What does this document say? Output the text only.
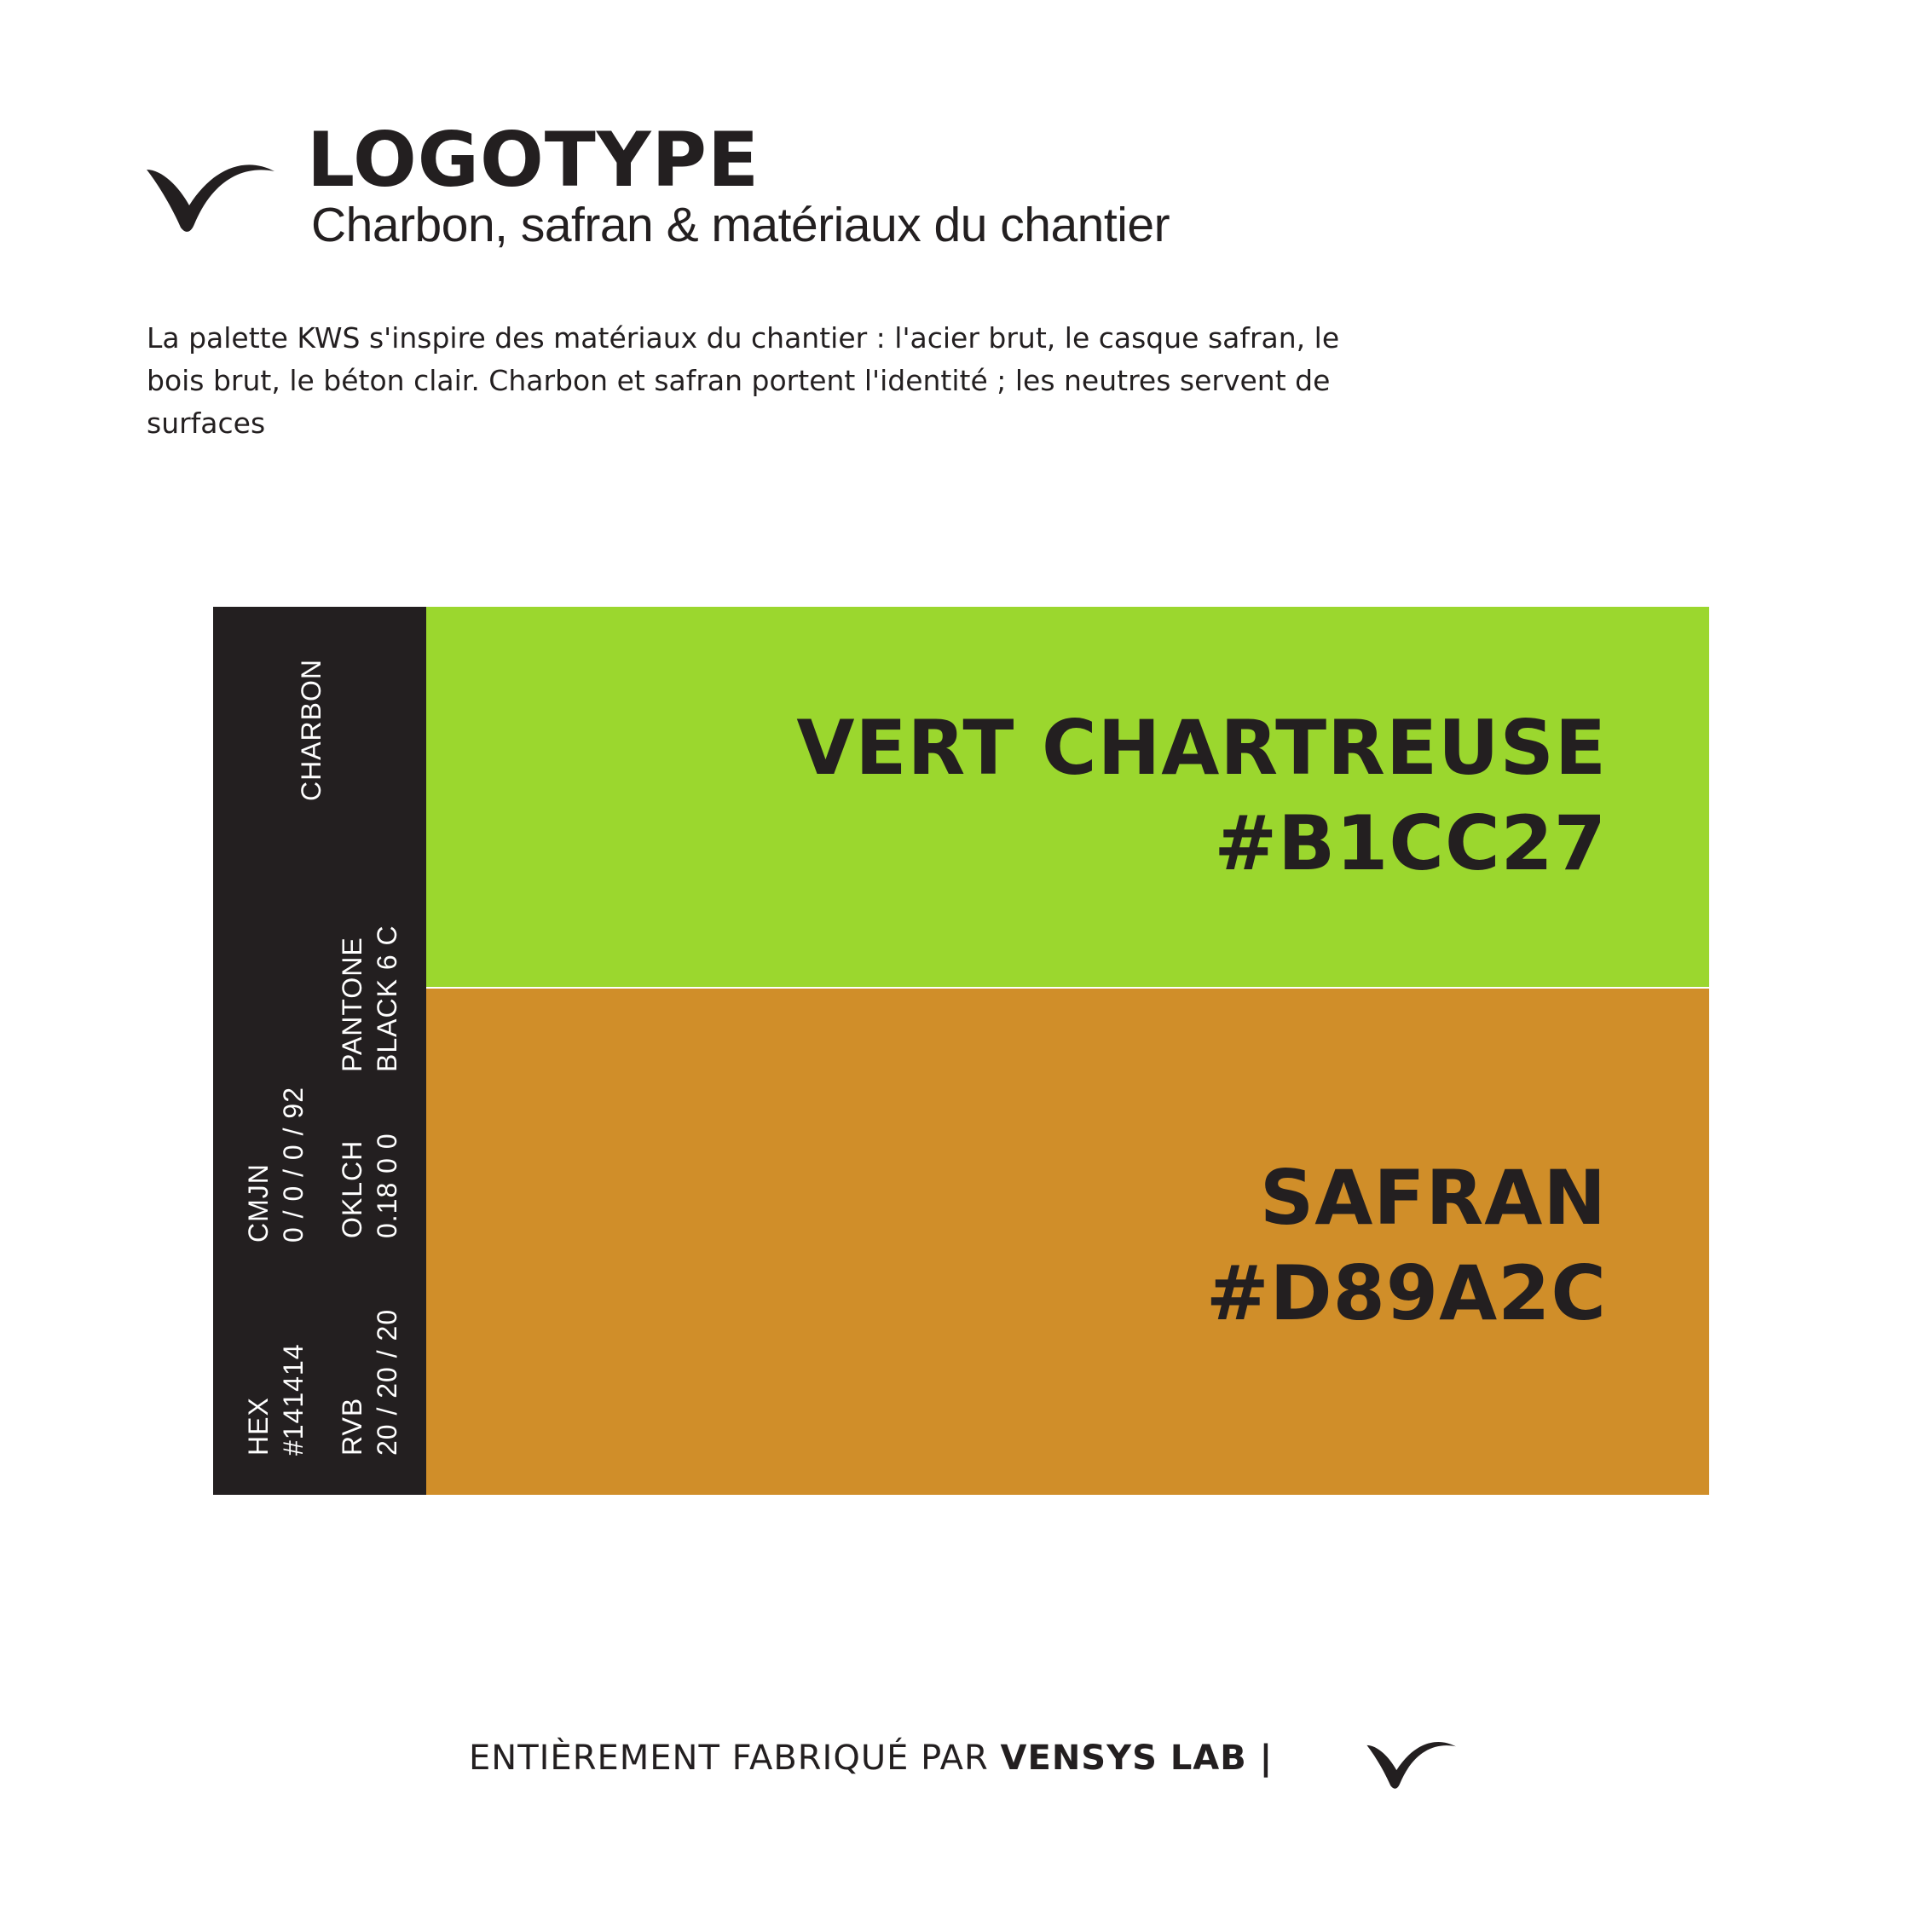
LOGOTYPE

Charbon, safran & matériaux du chantier

La palette KWS s'inspire des matériaux du chantier : l'acier brut, le casque safran, le bois brut, le béton clair. Charbon et safran portent l'identité ; les neutres servent de surfaces

CHARBON
HEX #141414
CMJN 0 / 0 / 0 / 92
RVB 20 / 20 / 20
OKLCH 0.18 0 0
PANTONE BLACK 6 C
VERT CHARTREUSE
#B1CC27
SAFRAN
#D89A2C

ENTIÈREMENT FABRIQUÉ PAR VENSYS LAB |
